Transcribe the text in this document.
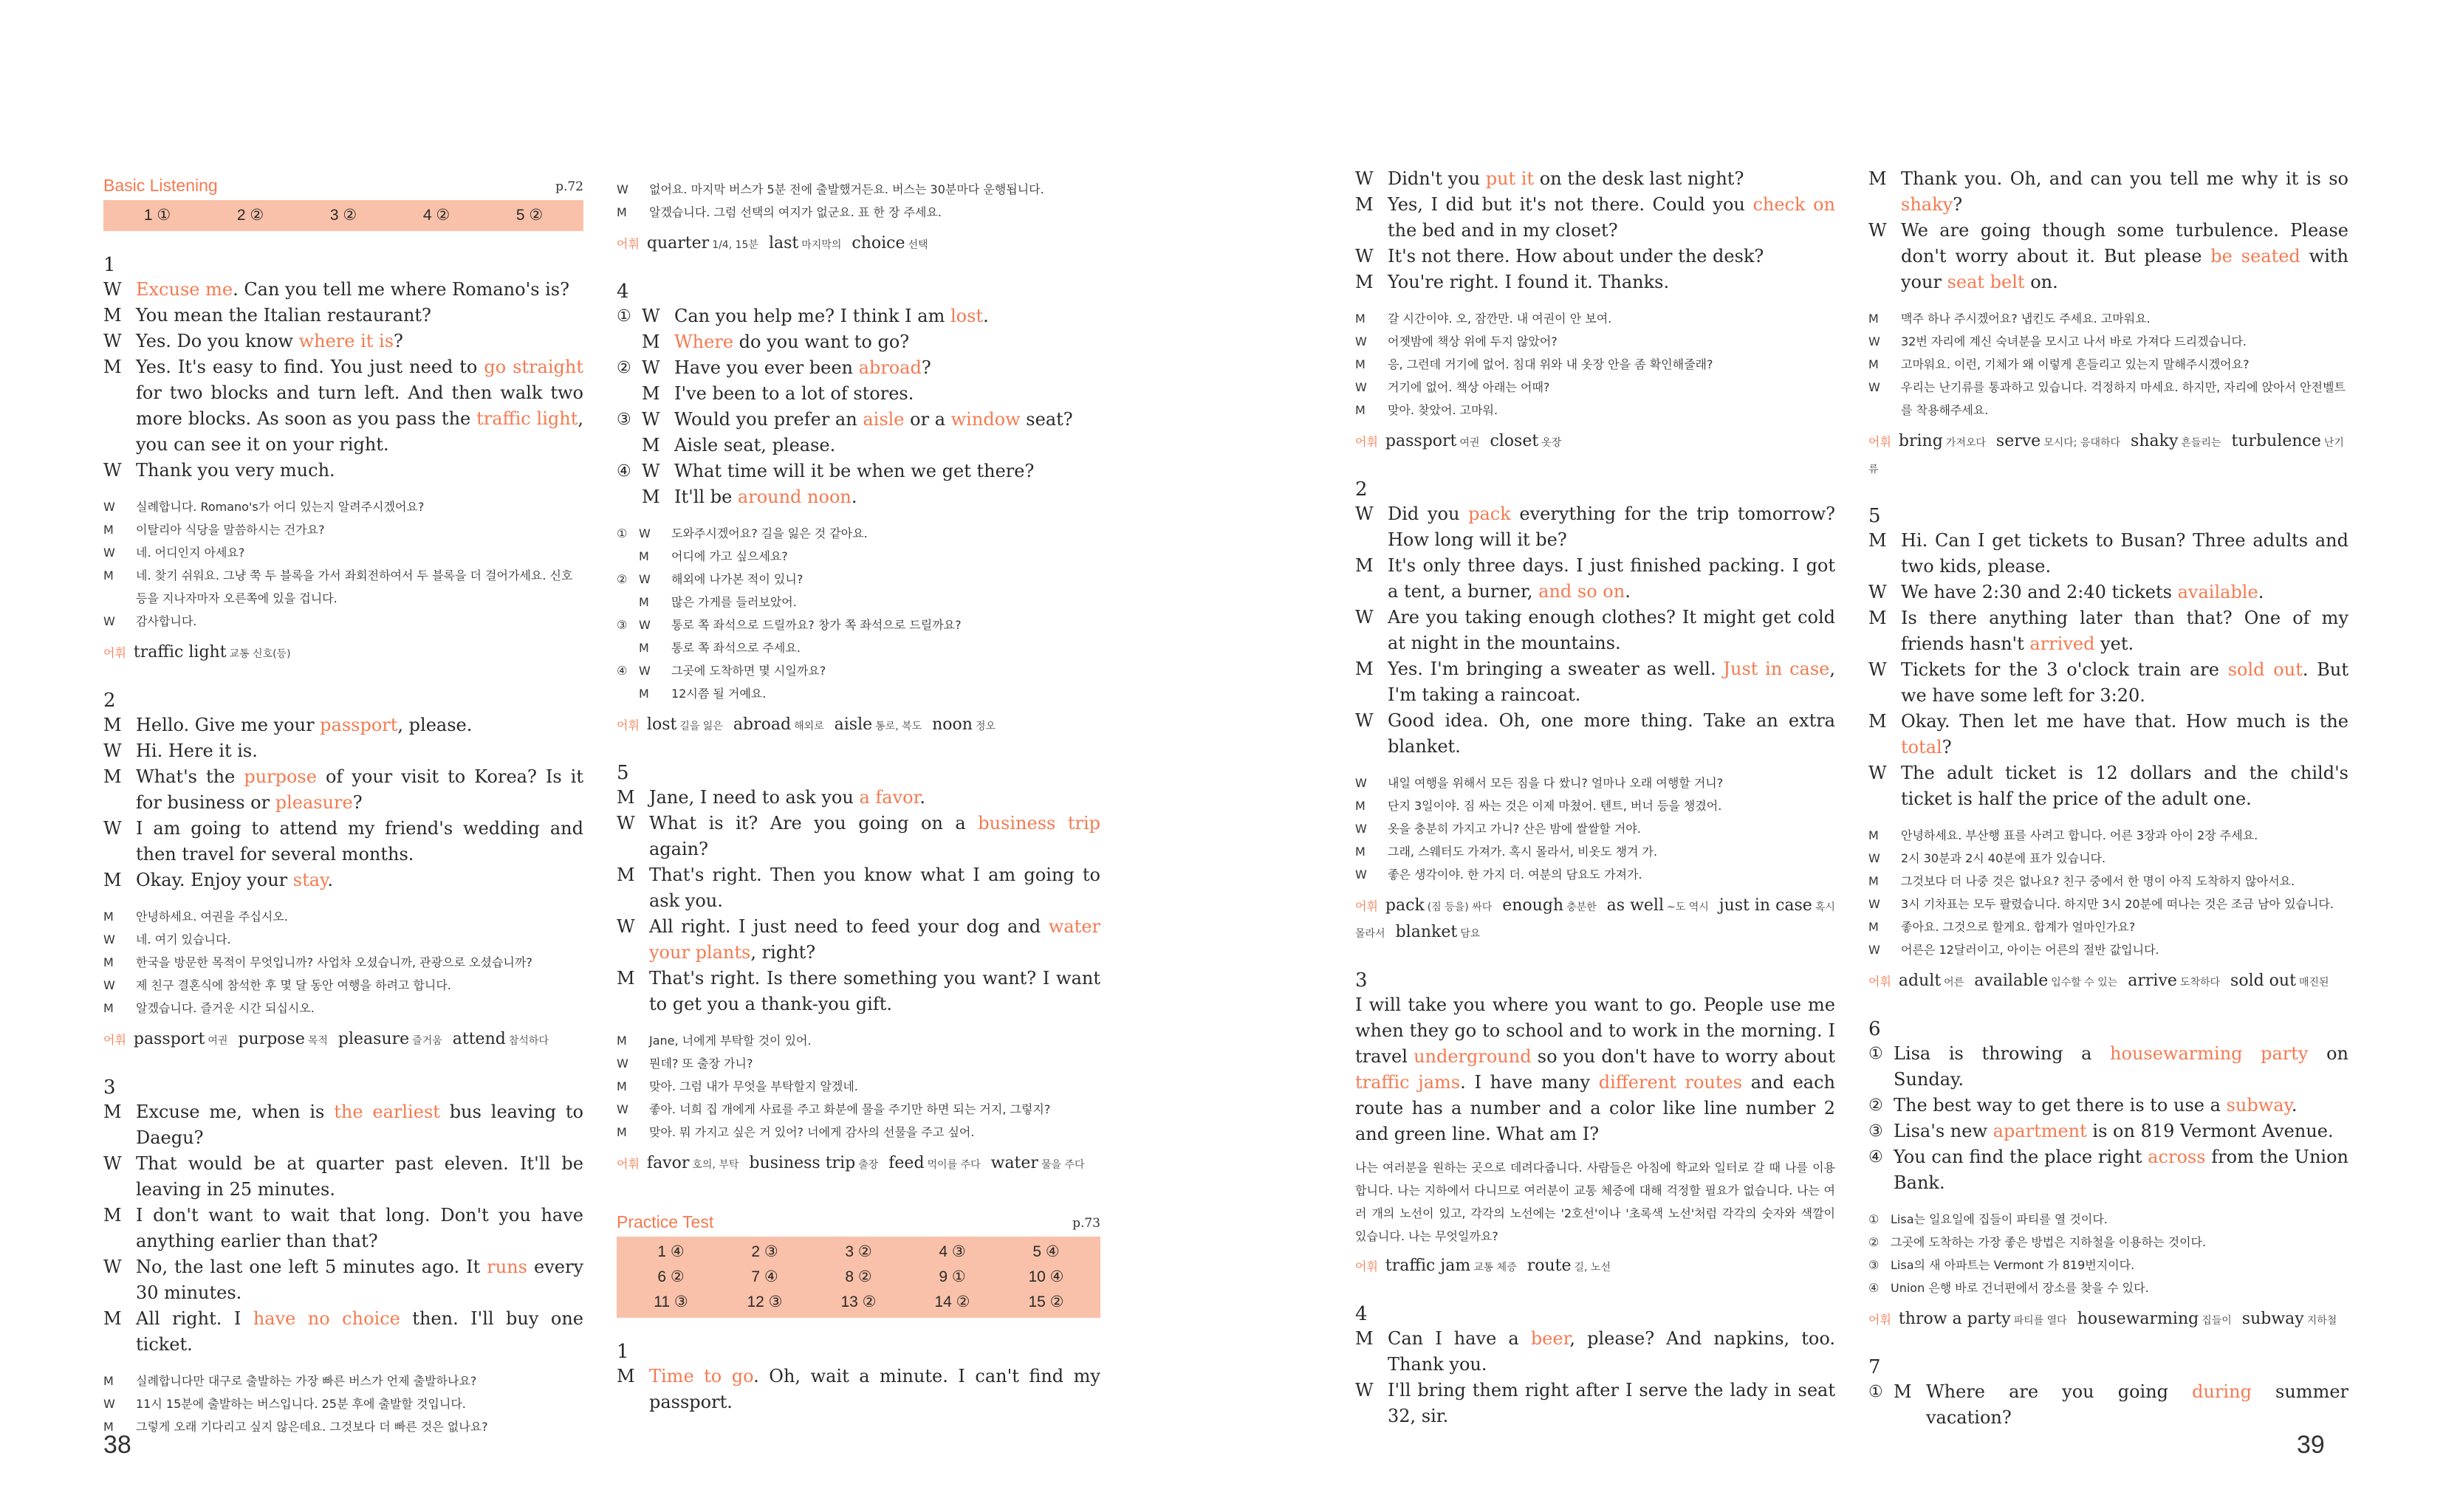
Basic Listening	p.72
1 ①	2 ②	3 ②	4 ②	5 ②
1
W Excuse me. Can you tell me where Romano's is?
M You mean the Italian restaurant?
W Yes. Do you know where it is?
M Yes. It's easy to find. You just need to go straight for two blocks and turn left. And then walk two more blocks. As soon as you pass the traffic light, you can see it on your right.
W Thank you very much.
W	실례합니다. Romano's가 어디 있는지 알려주시겠어요?
M	이탈리아 식당을 말씀하시는 건가요?
W	네. 어디인지 아세요?
M	네. 찾기 쉬워요. 그냥 쭉 두 블록을 가서 좌회전하여서 두 블록을 더 걸어가세요. 신호등을 지나자마자 오른쪽에 있을 겁니다.
W	감사합니다.
어휘 traffic light 교통 신호(등)
2
M Hello. Give me your passport, please.
W Hi. Here it is.
M What's the purpose of your visit to Korea? Is it for business or pleasure?
W I am going to attend my friend's wedding and then travel for several months.
M Okay. Enjoy your stay.
M	안녕하세요. 여권을 주십시오.
W	네. 여기 있습니다.
M	한국을 방문한 목적이 무엇입니까? 사업차 오셨습니까, 관광으로 오셨습니까?
W	제 친구 결혼식에 참석한 후 몇 달 동안 여행을 하려고 합니다.
M	알겠습니다. 즐거운 시간 되십시오.
어휘 passport 여권 purpose 목적 pleasure 즐거움 attend 참석하다
3
M Excuse me, when is the earliest bus leaving to Daegu?
W That would be at quarter past eleven. It'll be leaving in 25 minutes.
M I don't want to wait that long. Don't you have anything earlier than that?
W No, the last one left 5 minutes ago. It runs every 30 minutes.
M All right. I have no choice then. I'll buy one ticket.
M	실례합니다만 대구로 출발하는 가장 빠른 버스가 언제 출발하나요?
W	11시 15분에 출발하는 버스입니다. 25분 후에 출발할 것입니다.
M	그렇게 오래 기다리고 싶지 않은데요. 그것보다 더 빠른 것은 없나요?
W	없어요. 마지막 버스가 5분 전에 출발했거든요. 버스는 30분마다 운행됩니다.
M	알겠습니다. 그럼 선택의 여지가 없군요. 표 한 장 주세요.
어휘 quarter 1/4, 15분 last 마지막의 choice 선택
4
① W Can you help me? I think I am lost.
M Where do you want to go?
② W Have you ever been abroad?
M I've been to a lot of stores.
③ W Would you prefer an aisle or a window seat?
M Aisle seat, please.
④ W What time will it be when we get there?
M It'll be around noon.
① W	도와주시겠어요? 길을 잃은 것 같아요.
M	어디에 가고 싶으세요?
② W	해외에 나가본 적이 있니?
M	많은 가게를 들러보았어.
③ W	통로 쪽 좌석으로 드릴까요? 창가 쪽 좌석으로 드릴까요?
M	통로 쪽 좌석으로 주세요.
④ W	그곳에 도착하면 몇 시일까요?
M	12시쯤 될 거예요.
어휘 lost 길을 잃은 abroad 해외로 aisle 통로, 복도 noon 정오
5
M Jane, I need to ask you a favor.
W What is it? Are you going on a business trip again?
M That's right. Then you know what I am going to ask you.
W All right. I just need to feed your dog and water your plants, right?
M That's right. Is there something you want? I want to get you a thank-you gift.
M	Jane, 너에게 부탁할 것이 있어.
W	뭔데? 또 출장 가니?
M	맞아. 그럼 내가 무엇을 부탁할지 알겠네.
W	좋아. 너희 집 개에게 사료를 주고 화분에 물을 주기만 하면 되는 거지, 그렇지?
M	맞아. 뭐 가지고 싶은 거 있어? 너에게 감사의 선물을 주고 싶어.
어휘 favor 호의, 부탁 business trip 출장 feed 먹이를 주다 water 물을 주다
Practice Test	p.73
1 ④	2 ③	3 ②	4 ③	5 ④
6 ②	7 ④	8 ②	9 ①	10 ④
11 ③	12 ③	13 ②	14 ②	15 ②
1
M Time to go. Oh, wait a minute. I can't find my passport.
W Didn't you put it on the desk last night?
M Yes, I did but it's not there. Could you check on the bed and in my closet?
W It's not there. How about under the desk?
M You're right. I found it. Thanks.
M	갈 시간이야. 오, 잠깐만. 내 여권이 안 보여.
W	어젯밤에 책상 위에 두지 않았어?
M	응, 그런데 거기에 없어. 침대 위와 내 옷장 안을 좀 확인해줄래?
W	거기에 없어. 책상 아래는 어때?
M	맞아. 찾았어. 고마워.
어휘 passport 여권 closet 옷장
2
W Did you pack everything for the trip tomorrow? How long will it be?
M It's only three days. I just finished packing. I got a tent, a burner, and so on.
W Are you taking enough clothes? It might get cold at night in the mountains.
M Yes. I'm bringing a sweater as well. Just in case, I'm taking a raincoat.
W Good idea. Oh, one more thing. Take an extra blanket.
W	내일 여행을 위해서 모든 짐을 다 쌌니? 얼마나 오래 여행할 거니?
M	단지 3일이야. 짐 싸는 것은 이제 마쳤어. 텐트, 버너 등을 챙겼어.
W	옷을 충분히 가지고 가니? 산은 밤에 쌀쌀할 거야.
M	그래, 스웨터도 가져가. 혹시 몰라서, 비옷도 챙겨 가.
W	좋은 생각이야. 한 가지 더. 여분의 담요도 가져가.
어휘 pack (짐 등을) 싸다 enough 충분한 as well ~도 역시 just in case 혹시 몰라서 blanket 담요
3
I will take you where you want to go. People use me when they go to school and to work in the morning. I travel underground so you don't have to worry about traffic jams. I have many different routes and each route has a number and a color like line number 2 and green line. What am I?
나는 여러분을 원하는 곳으로 데려다줍니다. 사람들은 아침에 학교와 일터로 갈 때 나를 이용합니다. 나는 지하에서 다니므로 여러분이 교통 체증에 대해 걱정할 필요가 없습니다. 나는 여러 개의 노선이 있고, 각각의 노선에는 '2호선'이나 '초록색 노선'처럼 각각의 숫자와 색깔이 있습니다. 나는 무엇일까요?
어휘 traffic jam 교통 체증 route 길, 노선
4
M Can I have a beer, please? And napkins, too. Thank you.
W I'll bring them right after I serve the lady in seat 32, sir.
M Thank you. Oh, and can you tell me why it is so shaky?
W We are going though some turbulence. Please don't worry about it. But please be seated with your seat belt on.
M	맥주 하나 주시겠어요? 냅킨도 주세요. 고마워요.
W	32번 자리에 계신 숙녀분을 모시고 나서 바로 가져다 드리겠습니다.
M	고마워요. 이런, 기체가 왜 이렇게 흔들리고 있는지 말해주시겠어요?
W	우리는 난기류를 통과하고 있습니다. 걱정하지 마세요. 하지만, 자리에 앉아서 안전벨트를 착용해주세요.
어휘 bring 가져오다 serve 모시다; 응대하다 shaky 흔들리는 turbulence 난기류
5
M Hi. Can I get tickets to Busan? Three adults and two kids, please.
W We have 2:30 and 2:40 tickets available.
M Is there anything later than that? One of my friends hasn't arrived yet.
W Tickets for the 3 o'clock train are sold out. But we have some left for 3:20.
M Okay. Then let me have that. How much is the total?
W The adult ticket is 12 dollars and the child's ticket is half the price of the adult one.
M	안녕하세요. 부산행 표를 사려고 합니다. 어른 3장과 아이 2장 주세요.
W	2시 30분과 2시 40분에 표가 있습니다.
M	그것보다 더 나중 것은 없나요? 친구 중에서 한 명이 아직 도착하지 않아서요.
W	3시 기차표는 모두 팔렸습니다. 하지만 3시 20분에 떠나는 것은 조금 남아 있습니다.
M	좋아요. 그것으로 할게요. 합계가 얼마인가요?
W	어른은 12달러이고, 아이는 어른의 절반 값입니다.
어휘 adult 어른 available 입수할 수 있는 arrive 도착하다 sold out 매진된
6
① Lisa is throwing a housewarming party on Sunday.
② The best way to get there is to use a subway.
③ Lisa's new apartment is on 819 Vermont Avenue.
④ You can find the place right across from the Union Bank.
① Lisa는 일요일에 집들이 파티를 열 것이다.
② 그곳에 도착하는 가장 좋은 방법은 지하철을 이용하는 것이다.
③ Lisa의 새 아파트는 Vermont 가 819번지이다.
④ Union 은행 바로 건너편에서 장소를 찾을 수 있다.
어휘 throw a party 파티를 열다 housewarming 집들이 subway 지하철
7
① M Where are you going during summer vacation?
38	39
